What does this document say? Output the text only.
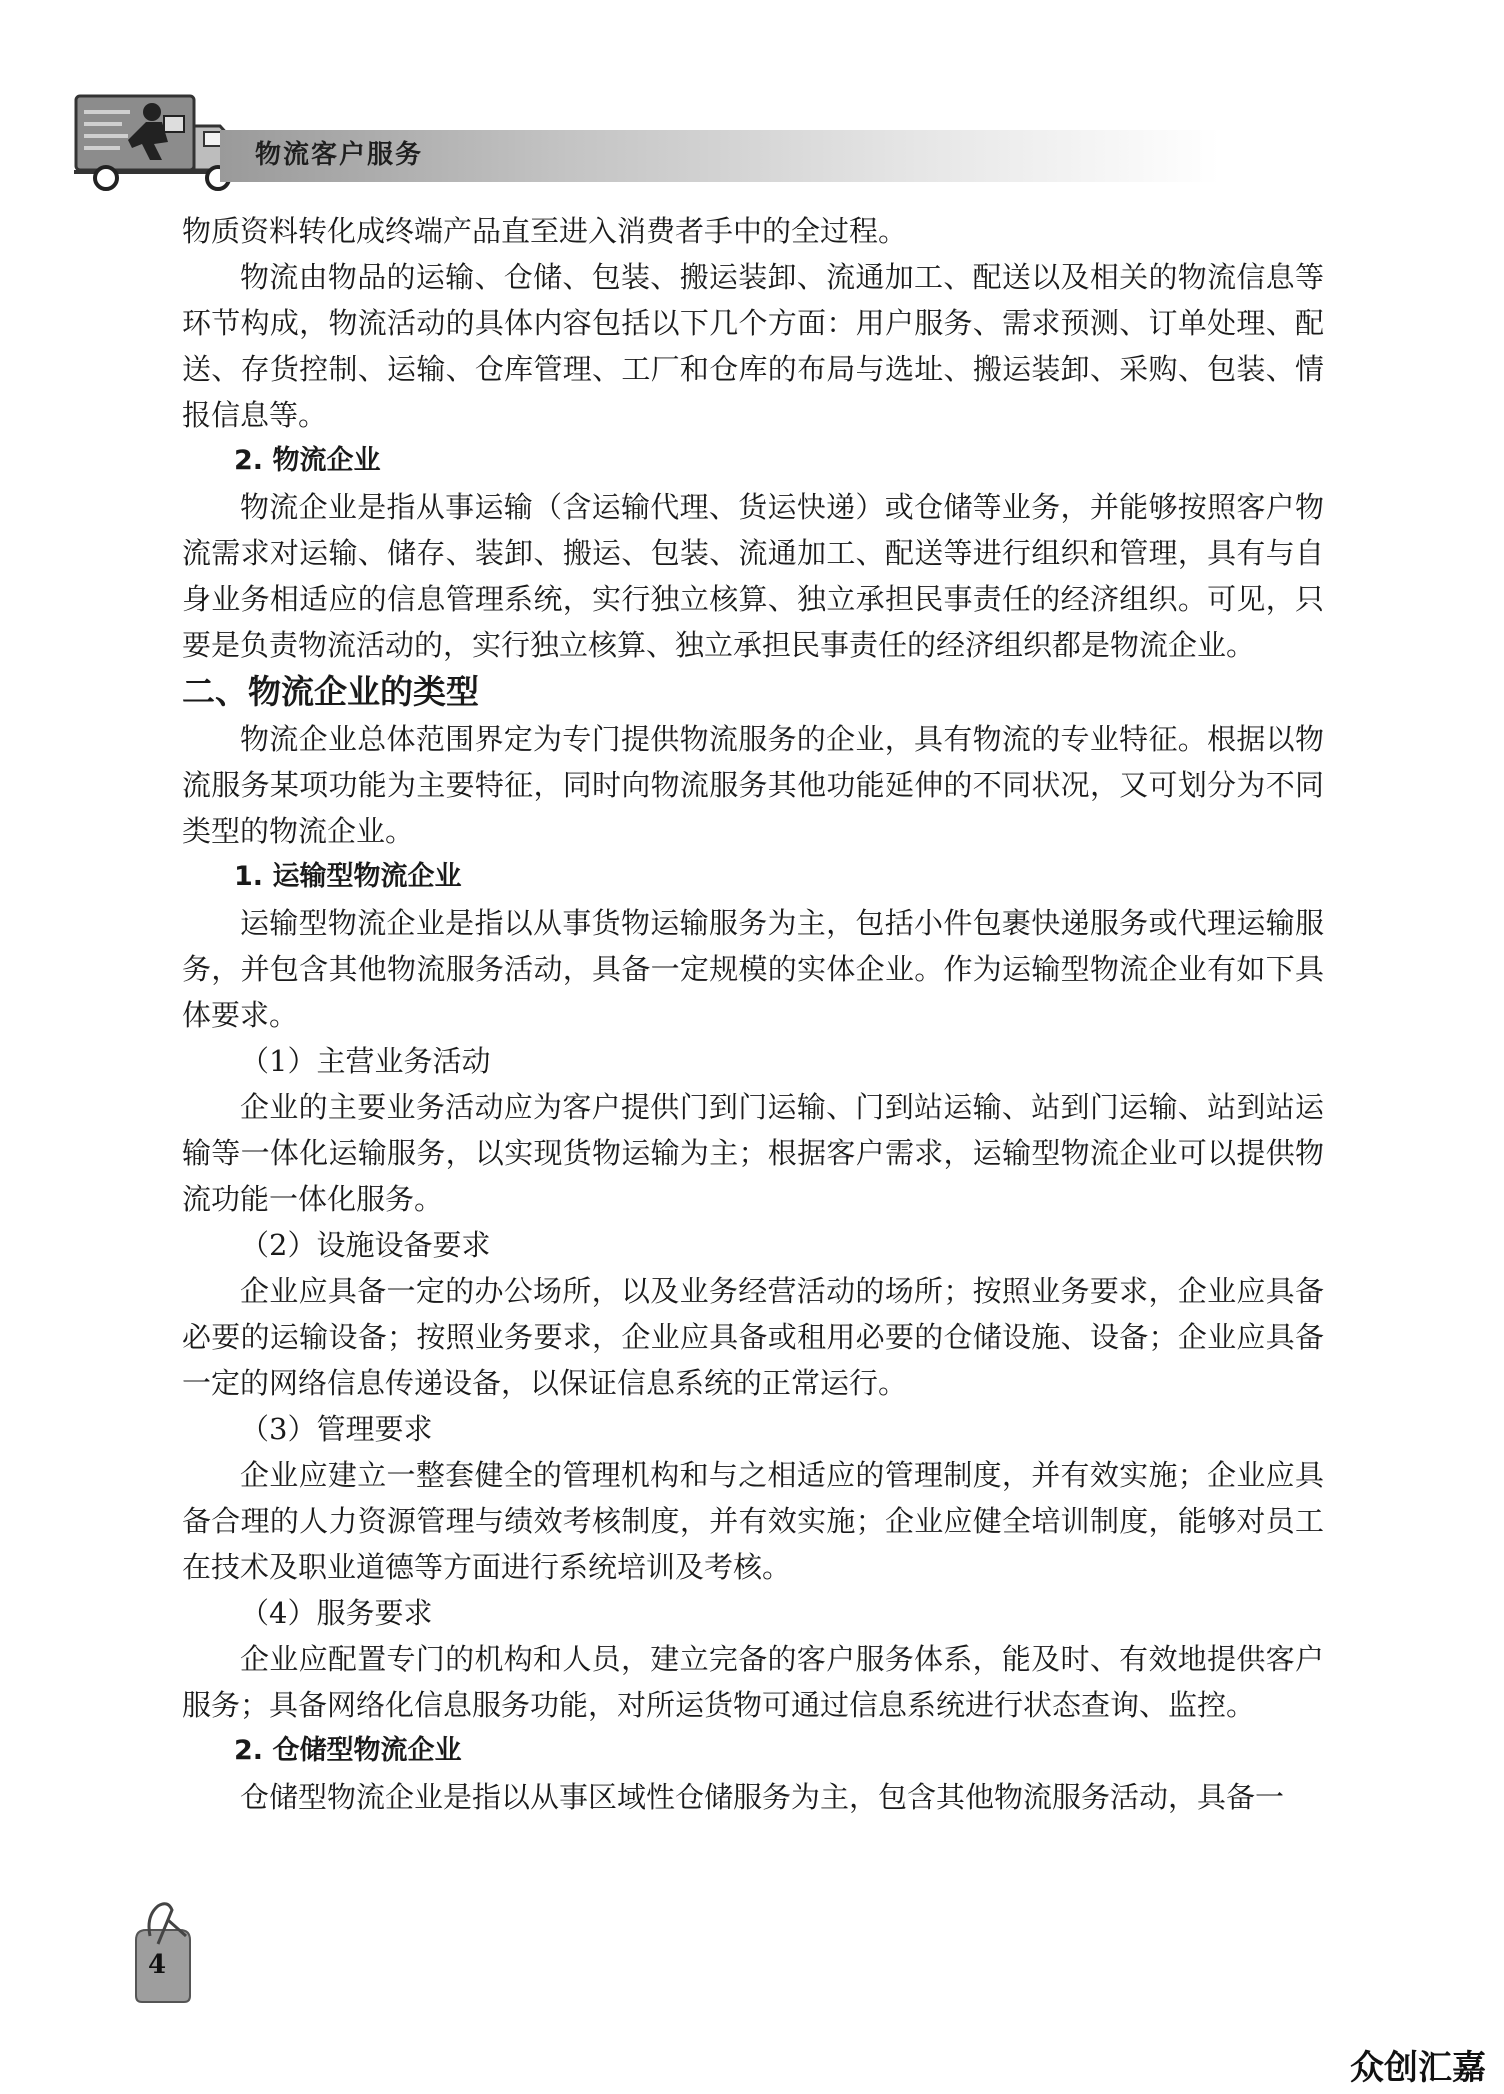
物流客户服务

物质资料转化成终端产品直至进入消费者手中的全过程。

物流由物品的运输、仓储、包装、搬运装卸、流通加工、配送以及相关的物流信息等环节构成，物流活动的具体内容包括以下几个方面：用户服务、需求预测、订单处理、配送、存货控制、运输、仓库管理、工厂和仓库的布局与选址、搬运装卸、采购、包装、情报信息等。

2. 物流企业

物流企业是指从事运输（含运输代理、货运快递）或仓储等业务，并能够按照客户物流需求对运输、储存、装卸、搬运、包装、流通加工、配送等进行组织和管理，具有与自身业务相适应的信息管理系统，实行独立核算、独立承担民事责任的经济组织。可见，只要是负责物流活动的，实行独立核算、独立承担民事责任的经济组织都是物流企业。

二、物流企业的类型

物流企业总体范围界定为专门提供物流服务的企业，具有物流的专业特征。根据以物流服务某项功能为主要特征，同时向物流服务其他功能延伸的不同状况，又可划分为不同类型的物流企业。

1. 运输型物流企业

运输型物流企业是指以从事货物运输服务为主，包括小件包裹快递服务或代理运输服务，并包含其他物流服务活动，具备一定规模的实体企业。作为运输型物流企业有如下具体要求。

（1）主营业务活动

企业的主要业务活动应为客户提供门到门运输、门到站运输、站到门运输、站到站运输等一体化运输服务，以实现货物运输为主；根据客户需求，运输型物流企业可以提供物流功能一体化服务。

（2）设施设备要求

企业应具备一定的办公场所，以及业务经营活动的场所；按照业务要求，企业应具备必要的运输设备；按照业务要求，企业应具备或租用必要的仓储设施、设备；企业应具备一定的网络信息传递设备，以保证信息系统的正常运行。

（3）管理要求

企业应建立一整套健全的管理机构和与之相适应的管理制度，并有效实施；企业应具备合理的人力资源管理与绩效考核制度，并有效实施；企业应健全培训制度，能够对员工在技术及职业道德等方面进行系统培训及考核。

（4）服务要求

企业应配置专门的机构和人员，建立完备的客户服务体系，能及时、有效地提供客户服务；具备网络化信息服务功能，对所运货物可通过信息系统进行状态查询、监控。

2. 仓储型物流企业

仓储型物流企业是指以从事区域性仓储服务为主，包含其他物流服务活动，具备一

4
众创汇嘉
